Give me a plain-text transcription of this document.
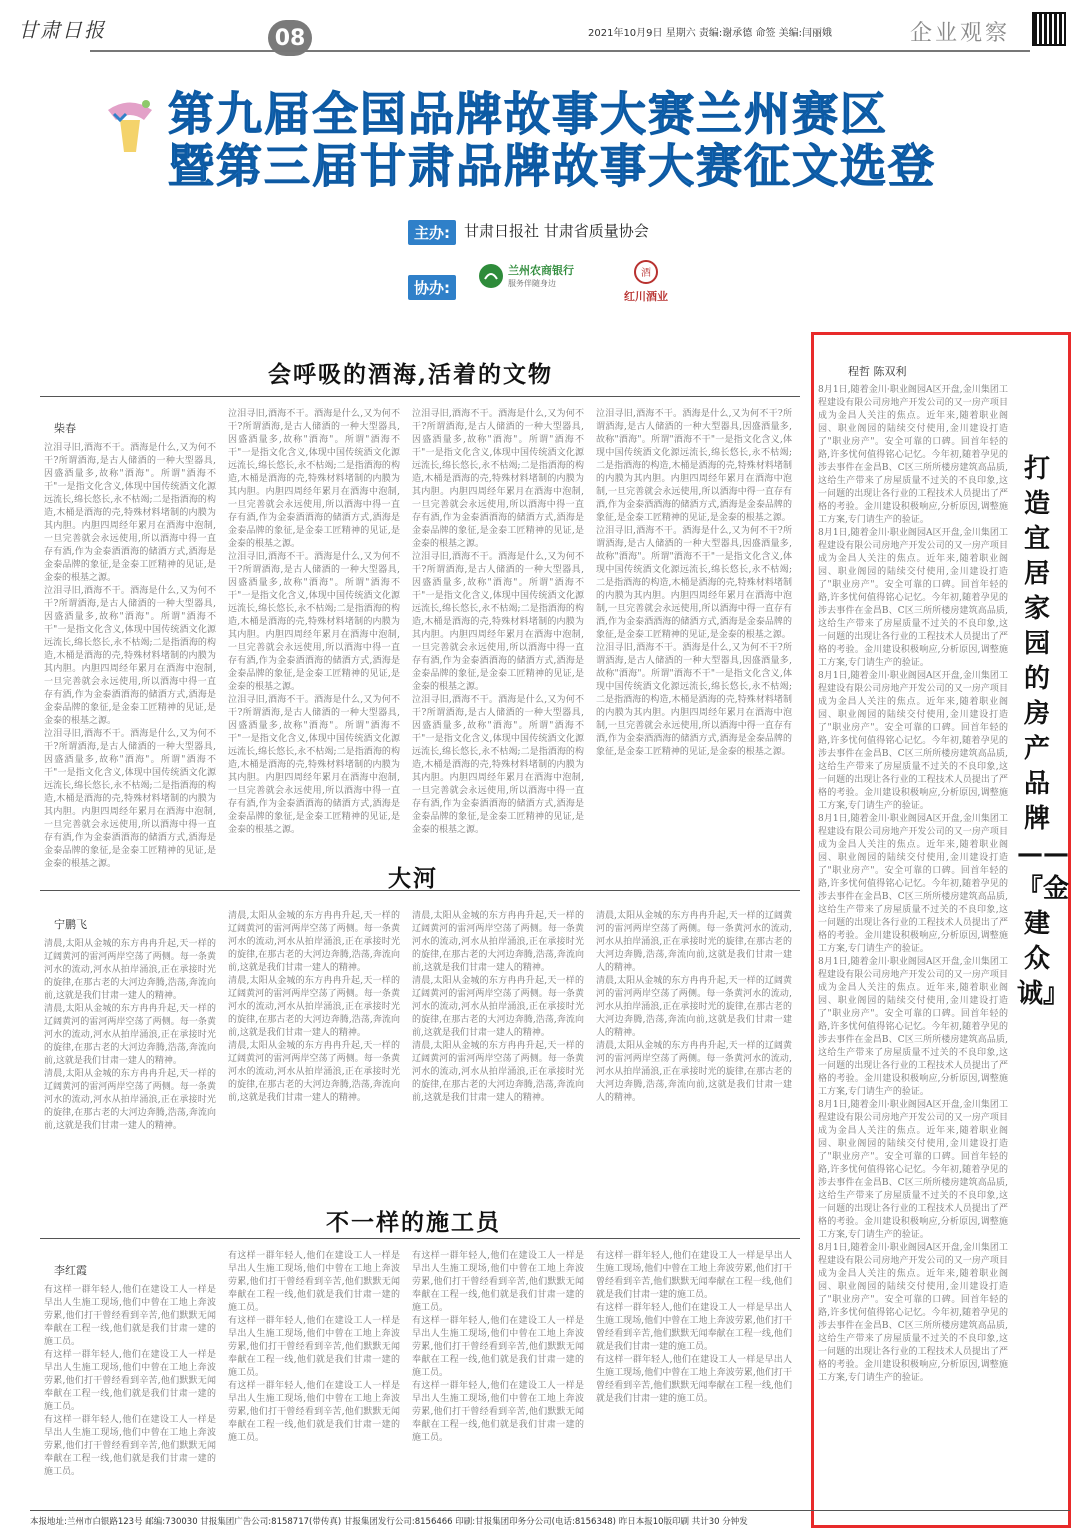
甘肃日报	08	2021年10月9日 星期六 责编:谢承德 命签 美编:闫丽娥	企业观察
第九届全国品牌故事大赛兰州赛区
暨第三届甘肃品牌故事大赛征文选登
主办: 甘肃日报社 甘肃省质量协会
协办:
兰州农商银行
服务伴随身边
酒
红川酒业
会呼吸的酒海,活着的文物
柴春

泣泪寻旧,酒海不干。酒海是什么,又为何不干?所谓酒海,是古人储酒的一种大型器具,因盛酒量多,故称"酒海"。所谓"酒海不干"一是指文化含义,体现中国传统酒文化源远流长,绵长悠长,永不枯竭;二是指酒海的构造,木桶是酒海的壳,特殊材料堵制的内膜为其内胆。内胆四周经年累月在酒海中泡制,一旦完善就会永远使用,所以酒海中得一直存有酒,作为金泰酒酒海的储酒方式,酒海是金泰品牌的象征,是金泰工匠精神的见证,是金泰的根基之源。

泣泪寻旧,酒海不干。酒海是什么,又为何不干?所谓酒海,是古人储酒的一种大型器具,因盛酒量多,故称"酒海"。所谓"酒海不干"一是指文化含义,体现中国传统酒文化源远流长,绵长悠长,永不枯竭;二是指酒海的构造,木桶是酒海的壳,特殊材料堵制的内膜为其内胆。内胆四周经年累月在酒海中泡制,一旦完善就会永远使用,所以酒海中得一直存有酒,作为金泰酒酒海的储酒方式,酒海是金泰品牌的象征,是金泰工匠精神的见证,是金泰的根基之源。

泣泪寻旧,酒海不干。酒海是什么,又为何不干?所谓酒海,是古人储酒的一种大型器具,因盛酒量多,故称"酒海"。所谓"酒海不干"一是指文化含义,体现中国传统酒文化源远流长,绵长悠长,永不枯竭;二是指酒海的构造,木桶是酒海的壳,特殊材料堵制的内膜为其内胆。内胆四周经年累月在酒海中泡制,一旦完善就会永远使用,所以酒海中得一直存有酒,作为金泰酒酒海的储酒方式,酒海是金泰品牌的象征,是金泰工匠精神的见证,是金泰的根基之源。

泣泪寻旧,酒海不干。酒海是什么,又为何不干?所谓酒海,是古人储酒的一种大型器具,因盛酒量多,故称"酒海"。所谓"酒海不干"一是指文化含义,体现中国传统酒文化源远流长,绵长悠长,永不枯竭;二是指酒海的构造,木桶是酒海的壳,特殊材料堵制的内膜为其内胆。内胆四周经年累月在酒海中泡制,一旦完善就会永远使用,所以酒海中得一直存有酒,作为金泰酒酒海的储酒方式,酒海是金泰品牌的象征,是金泰工匠精神的见证,是金泰的根基之源。

泣泪寻旧,酒海不干。酒海是什么,又为何不干?所谓酒海,是古人储酒的一种大型器具,因盛酒量多,故称"酒海"。所谓"酒海不干"一是指文化含义,体现中国传统酒文化源远流长,绵长悠长,永不枯竭;二是指酒海的构造,木桶是酒海的壳,特殊材料堵制的内膜为其内胆。内胆四周经年累月在酒海中泡制,一旦完善就会永远使用,所以酒海中得一直存有酒,作为金泰酒酒海的储酒方式,酒海是金泰品牌的象征,是金泰工匠精神的见证,是金泰的根基之源。

泣泪寻旧,酒海不干。酒海是什么,又为何不干?所谓酒海,是古人储酒的一种大型器具,因盛酒量多,故称"酒海"。所谓"酒海不干"一是指文化含义,体现中国传统酒文化源远流长,绵长悠长,永不枯竭;二是指酒海的构造,木桶是酒海的壳,特殊材料堵制的内膜为其内胆。内胆四周经年累月在酒海中泡制,一旦完善就会永远使用,所以酒海中得一直存有酒,作为金泰酒酒海的储酒方式,酒海是金泰品牌的象征,是金泰工匠精神的见证,是金泰的根基之源。

泣泪寻旧,酒海不干。酒海是什么,又为何不干?所谓酒海,是古人储酒的一种大型器具,因盛酒量多,故称"酒海"。所谓"酒海不干"一是指文化含义,体现中国传统酒文化源远流长,绵长悠长,永不枯竭;二是指酒海的构造,木桶是酒海的壳,特殊材料堵制的内膜为其内胆。内胆四周经年累月在酒海中泡制,一旦完善就会永远使用,所以酒海中得一直存有酒,作为金泰酒酒海的储酒方式,酒海是金泰品牌的象征,是金泰工匠精神的见证,是金泰的根基之源。

泣泪寻旧,酒海不干。酒海是什么,又为何不干?所谓酒海,是古人储酒的一种大型器具,因盛酒量多,故称"酒海"。所谓"酒海不干"一是指文化含义,体现中国传统酒文化源远流长,绵长悠长,永不枯竭;二是指酒海的构造,木桶是酒海的壳,特殊材料堵制的内膜为其内胆。内胆四周经年累月在酒海中泡制,一旦完善就会永远使用,所以酒海中得一直存有酒,作为金泰酒酒海的储酒方式,酒海是金泰品牌的象征,是金泰工匠精神的见证,是金泰的根基之源。

泣泪寻旧,酒海不干。酒海是什么,又为何不干?所谓酒海,是古人储酒的一种大型器具,因盛酒量多,故称"酒海"。所谓"酒海不干"一是指文化含义,体现中国传统酒文化源远流长,绵长悠长,永不枯竭;二是指酒海的构造,木桶是酒海的壳,特殊材料堵制的内膜为其内胆。内胆四周经年累月在酒海中泡制,一旦完善就会永远使用,所以酒海中得一直存有酒,作为金泰酒酒海的储酒方式,酒海是金泰品牌的象征,是金泰工匠精神的见证,是金泰的根基之源。

泣泪寻旧,酒海不干。酒海是什么,又为何不干?所谓酒海,是古人储酒的一种大型器具,因盛酒量多,故称"酒海"。所谓"酒海不干"一是指文化含义,体现中国传统酒文化源远流长,绵长悠长,永不枯竭;二是指酒海的构造,木桶是酒海的壳,特殊材料堵制的内膜为其内胆。内胆四周经年累月在酒海中泡制,一旦完善就会永远使用,所以酒海中得一直存有酒,作为金泰酒酒海的储酒方式,酒海是金泰品牌的象征,是金泰工匠精神的见证,是金泰的根基之源。

泣泪寻旧,酒海不干。酒海是什么,又为何不干?所谓酒海,是古人储酒的一种大型器具,因盛酒量多,故称"酒海"。所谓"酒海不干"一是指文化含义,体现中国传统酒文化源远流长,绵长悠长,永不枯竭;二是指酒海的构造,木桶是酒海的壳,特殊材料堵制的内膜为其内胆。内胆四周经年累月在酒海中泡制,一旦完善就会永远使用,所以酒海中得一直存有酒,作为金泰酒酒海的储酒方式,酒海是金泰品牌的象征,是金泰工匠精神的见证,是金泰的根基之源。

泣泪寻旧,酒海不干。酒海是什么,又为何不干?所谓酒海,是古人储酒的一种大型器具,因盛酒量多,故称"酒海"。所谓"酒海不干"一是指文化含义,体现中国传统酒文化源远流长,绵长悠长,永不枯竭;二是指酒海的构造,木桶是酒海的壳,特殊材料堵制的内膜为其内胆。内胆四周经年累月在酒海中泡制,一旦完善就会永远使用,所以酒海中得一直存有酒,作为金泰酒酒海的储酒方式,酒海是金泰品牌的象征,是金泰工匠精神的见证,是金泰的根基之源。

大河
宁鹏飞

清晨,太阳从金城的东方冉冉升起,天一样的辽阔黄河的雷河两岸空荡了两侧。每一条黄河水的流动,河水从拍岸涌浪,正在承接时光的旋律,在那古老的大河边奔腾,浩荡,奔流向前,这就是我们甘肃一建人的精神。

清晨,太阳从金城的东方冉冉升起,天一样的辽阔黄河的雷河两岸空荡了两侧。每一条黄河水的流动,河水从拍岸涌浪,正在承接时光的旋律,在那古老的大河边奔腾,浩荡,奔流向前,这就是我们甘肃一建人的精神。

清晨,太阳从金城的东方冉冉升起,天一样的辽阔黄河的雷河两岸空荡了两侧。每一条黄河水的流动,河水从拍岸涌浪,正在承接时光的旋律,在那古老的大河边奔腾,浩荡,奔流向前,这就是我们甘肃一建人的精神。

清晨,太阳从金城的东方冉冉升起,天一样的辽阔黄河的雷河两岸空荡了两侧。每一条黄河水的流动,河水从拍岸涌浪,正在承接时光的旋律,在那古老的大河边奔腾,浩荡,奔流向前,这就是我们甘肃一建人的精神。

清晨,太阳从金城的东方冉冉升起,天一样的辽阔黄河的雷河两岸空荡了两侧。每一条黄河水的流动,河水从拍岸涌浪,正在承接时光的旋律,在那古老的大河边奔腾,浩荡,奔流向前,这就是我们甘肃一建人的精神。

清晨,太阳从金城的东方冉冉升起,天一样的辽阔黄河的雷河两岸空荡了两侧。每一条黄河水的流动,河水从拍岸涌浪,正在承接时光的旋律,在那古老的大河边奔腾,浩荡,奔流向前,这就是我们甘肃一建人的精神。

清晨,太阳从金城的东方冉冉升起,天一样的辽阔黄河的雷河两岸空荡了两侧。每一条黄河水的流动,河水从拍岸涌浪,正在承接时光的旋律,在那古老的大河边奔腾,浩荡,奔流向前,这就是我们甘肃一建人的精神。

清晨,太阳从金城的东方冉冉升起,天一样的辽阔黄河的雷河两岸空荡了两侧。每一条黄河水的流动,河水从拍岸涌浪,正在承接时光的旋律,在那古老的大河边奔腾,浩荡,奔流向前,这就是我们甘肃一建人的精神。

清晨,太阳从金城的东方冉冉升起,天一样的辽阔黄河的雷河两岸空荡了两侧。每一条黄河水的流动,河水从拍岸涌浪,正在承接时光的旋律,在那古老的大河边奔腾,浩荡,奔流向前,这就是我们甘肃一建人的精神。

清晨,太阳从金城的东方冉冉升起,天一样的辽阔黄河的雷河两岸空荡了两侧。每一条黄河水的流动,河水从拍岸涌浪,正在承接时光的旋律,在那古老的大河边奔腾,浩荡,奔流向前,这就是我们甘肃一建人的精神。

清晨,太阳从金城的东方冉冉升起,天一样的辽阔黄河的雷河两岸空荡了两侧。每一条黄河水的流动,河水从拍岸涌浪,正在承接时光的旋律,在那古老的大河边奔腾,浩荡,奔流向前,这就是我们甘肃一建人的精神。

清晨,太阳从金城的东方冉冉升起,天一样的辽阔黄河的雷河两岸空荡了两侧。每一条黄河水的流动,河水从拍岸涌浪,正在承接时光的旋律,在那古老的大河边奔腾,浩荡,奔流向前,这就是我们甘肃一建人的精神。

不一样的施工员
李红霞

有这样一群年轻人,他们在建设工人一样是早出人生施工现场,他们中曾在工地上奔波劳累,他们打干曾经看到辛苦,他们默默无闻奉献在工程一线,他们就是我们甘肃一建的施工员。

有这样一群年轻人,他们在建设工人一样是早出人生施工现场,他们中曾在工地上奔波劳累,他们打干曾经看到辛苦,他们默默无闻奉献在工程一线,他们就是我们甘肃一建的施工员。

有这样一群年轻人,他们在建设工人一样是早出人生施工现场,他们中曾在工地上奔波劳累,他们打干曾经看到辛苦,他们默默无闻奉献在工程一线,他们就是我们甘肃一建的施工员。

有这样一群年轻人,他们在建设工人一样是早出人生施工现场,他们中曾在工地上奔波劳累,他们打干曾经看到辛苦,他们默默无闻奉献在工程一线,他们就是我们甘肃一建的施工员。

有这样一群年轻人,他们在建设工人一样是早出人生施工现场,他们中曾在工地上奔波劳累,他们打干曾经看到辛苦,他们默默无闻奉献在工程一线,他们就是我们甘肃一建的施工员。

有这样一群年轻人,他们在建设工人一样是早出人生施工现场,他们中曾在工地上奔波劳累,他们打干曾经看到辛苦,他们默默无闻奉献在工程一线,他们就是我们甘肃一建的施工员。

有这样一群年轻人,他们在建设工人一样是早出人生施工现场,他们中曾在工地上奔波劳累,他们打干曾经看到辛苦,他们默默无闻奉献在工程一线,他们就是我们甘肃一建的施工员。

有这样一群年轻人,他们在建设工人一样是早出人生施工现场,他们中曾在工地上奔波劳累,他们打干曾经看到辛苦,他们默默无闻奉献在工程一线,他们就是我们甘肃一建的施工员。

有这样一群年轻人,他们在建设工人一样是早出人生施工现场,他们中曾在工地上奔波劳累,他们打干曾经看到辛苦,他们默默无闻奉献在工程一线,他们就是我们甘肃一建的施工员。

有这样一群年轻人,他们在建设工人一样是早出人生施工现场,他们中曾在工地上奔波劳累,他们打干曾经看到辛苦,他们默默无闻奉献在工程一线,他们就是我们甘肃一建的施工员。

有这样一群年轻人,他们在建设工人一样是早出人生施工现场,他们中曾在工地上奔波劳累,他们打干曾经看到辛苦,他们默默无闻奉献在工程一线,他们就是我们甘肃一建的施工员。

有这样一群年轻人,他们在建设工人一样是早出人生施工现场,他们中曾在工地上奔波劳累,他们打干曾经看到辛苦,他们默默无闻奉献在工程一线,他们就是我们甘肃一建的施工员。

程哲 陈双利

8月1日,随着金川·职业阁园A区开盘,金川集团工程建设有限公司房地产开发公司的又一房产项目成为金昌人关注的焦点。近年来,随着职业阁园、职业阁园的陆续交付使用,金川建设打造了"职业房产"。安全可靠的口碑。回首年轻的路,许多忧何值得铭心记忆。今年初,随着孕见的涉去事件在金昌B、C区三所所楼房建筑高品质,这给生产带来了房屋质量不过关的不良印象,这一问题的出现让各行业的工程技术人员提出了严格的考验。金川建设积极响应,分析原因,调整施工方案,专门请生产的验证。

8月1日,随着金川·职业阁园A区开盘,金川集团工程建设有限公司房地产开发公司的又一房产项目成为金昌人关注的焦点。近年来,随着职业阁园、职业阁园的陆续交付使用,金川建设打造了"职业房产"。安全可靠的口碑。回首年轻的路,许多忧何值得铭心记忆。今年初,随着孕见的涉去事件在金昌B、C区三所所楼房建筑高品质,这给生产带来了房屋质量不过关的不良印象,这一问题的出现让各行业的工程技术人员提出了严格的考验。金川建设积极响应,分析原因,调整施工方案,专门请生产的验证。

8月1日,随着金川·职业阁园A区开盘,金川集团工程建设有限公司房地产开发公司的又一房产项目成为金昌人关注的焦点。近年来,随着职业阁园、职业阁园的陆续交付使用,金川建设打造了"职业房产"。安全可靠的口碑。回首年轻的路,许多忧何值得铭心记忆。今年初,随着孕见的涉去事件在金昌B、C区三所所楼房建筑高品质,这给生产带来了房屋质量不过关的不良印象,这一问题的出现让各行业的工程技术人员提出了严格的考验。金川建设积极响应,分析原因,调整施工方案,专门请生产的验证。

8月1日,随着金川·职业阁园A区开盘,金川集团工程建设有限公司房地产开发公司的又一房产项目成为金昌人关注的焦点。近年来,随着职业阁园、职业阁园的陆续交付使用,金川建设打造了"职业房产"。安全可靠的口碑。回首年轻的路,许多忧何值得铭心记忆。今年初,随着孕见的涉去事件在金昌B、C区三所所楼房建筑高品质,这给生产带来了房屋质量不过关的不良印象,这一问题的出现让各行业的工程技术人员提出了严格的考验。金川建设积极响应,分析原因,调整施工方案,专门请生产的验证。

8月1日,随着金川·职业阁园A区开盘,金川集团工程建设有限公司房地产开发公司的又一房产项目成为金昌人关注的焦点。近年来,随着职业阁园、职业阁园的陆续交付使用,金川建设打造了"职业房产"。安全可靠的口碑。回首年轻的路,许多忧何值得铭心记忆。今年初,随着孕见的涉去事件在金昌B、C区三所所楼房建筑高品质,这给生产带来了房屋质量不过关的不良印象,这一问题的出现让各行业的工程技术人员提出了严格的考验。金川建设积极响应,分析原因,调整施工方案,专门请生产的验证。

8月1日,随着金川·职业阁园A区开盘,金川集团工程建设有限公司房地产开发公司的又一房产项目成为金昌人关注的焦点。近年来,随着职业阁园、职业阁园的陆续交付使用,金川建设打造了"职业房产"。安全可靠的口碑。回首年轻的路,许多忧何值得铭心记忆。今年初,随着孕见的涉去事件在金昌B、C区三所所楼房建筑高品质,这给生产带来了房屋质量不过关的不良印象,这一问题的出现让各行业的工程技术人员提出了严格的考验。金川建设积极响应,分析原因,调整施工方案,专门请生产的验证。

8月1日,随着金川·职业阁园A区开盘,金川集团工程建设有限公司房地产开发公司的又一房产项目成为金昌人关注的焦点。近年来,随着职业阁园、职业阁园的陆续交付使用,金川建设打造了"职业房产"。安全可靠的口碑。回首年轻的路,许多忧何值得铭心记忆。今年初,随着孕见的涉去事件在金昌B、C区三所所楼房建筑高品质,这给生产带来了房屋质量不过关的不良印象,这一问题的出现让各行业的工程技术人员提出了严格的考验。金川建设积极响应,分析原因,调整施工方案,专门请生产的验证。

打造宜居家园的房产品牌——『金建众诚』
本报地址:兰州市白银路123号 邮编:730030 甘报集团广告公司:8158717(带传真) 甘报集团发行公司:8156466 印刷:甘报集团印务分公司(电话:8156348) 昨日本报10版印刷 共计30 分钟发
